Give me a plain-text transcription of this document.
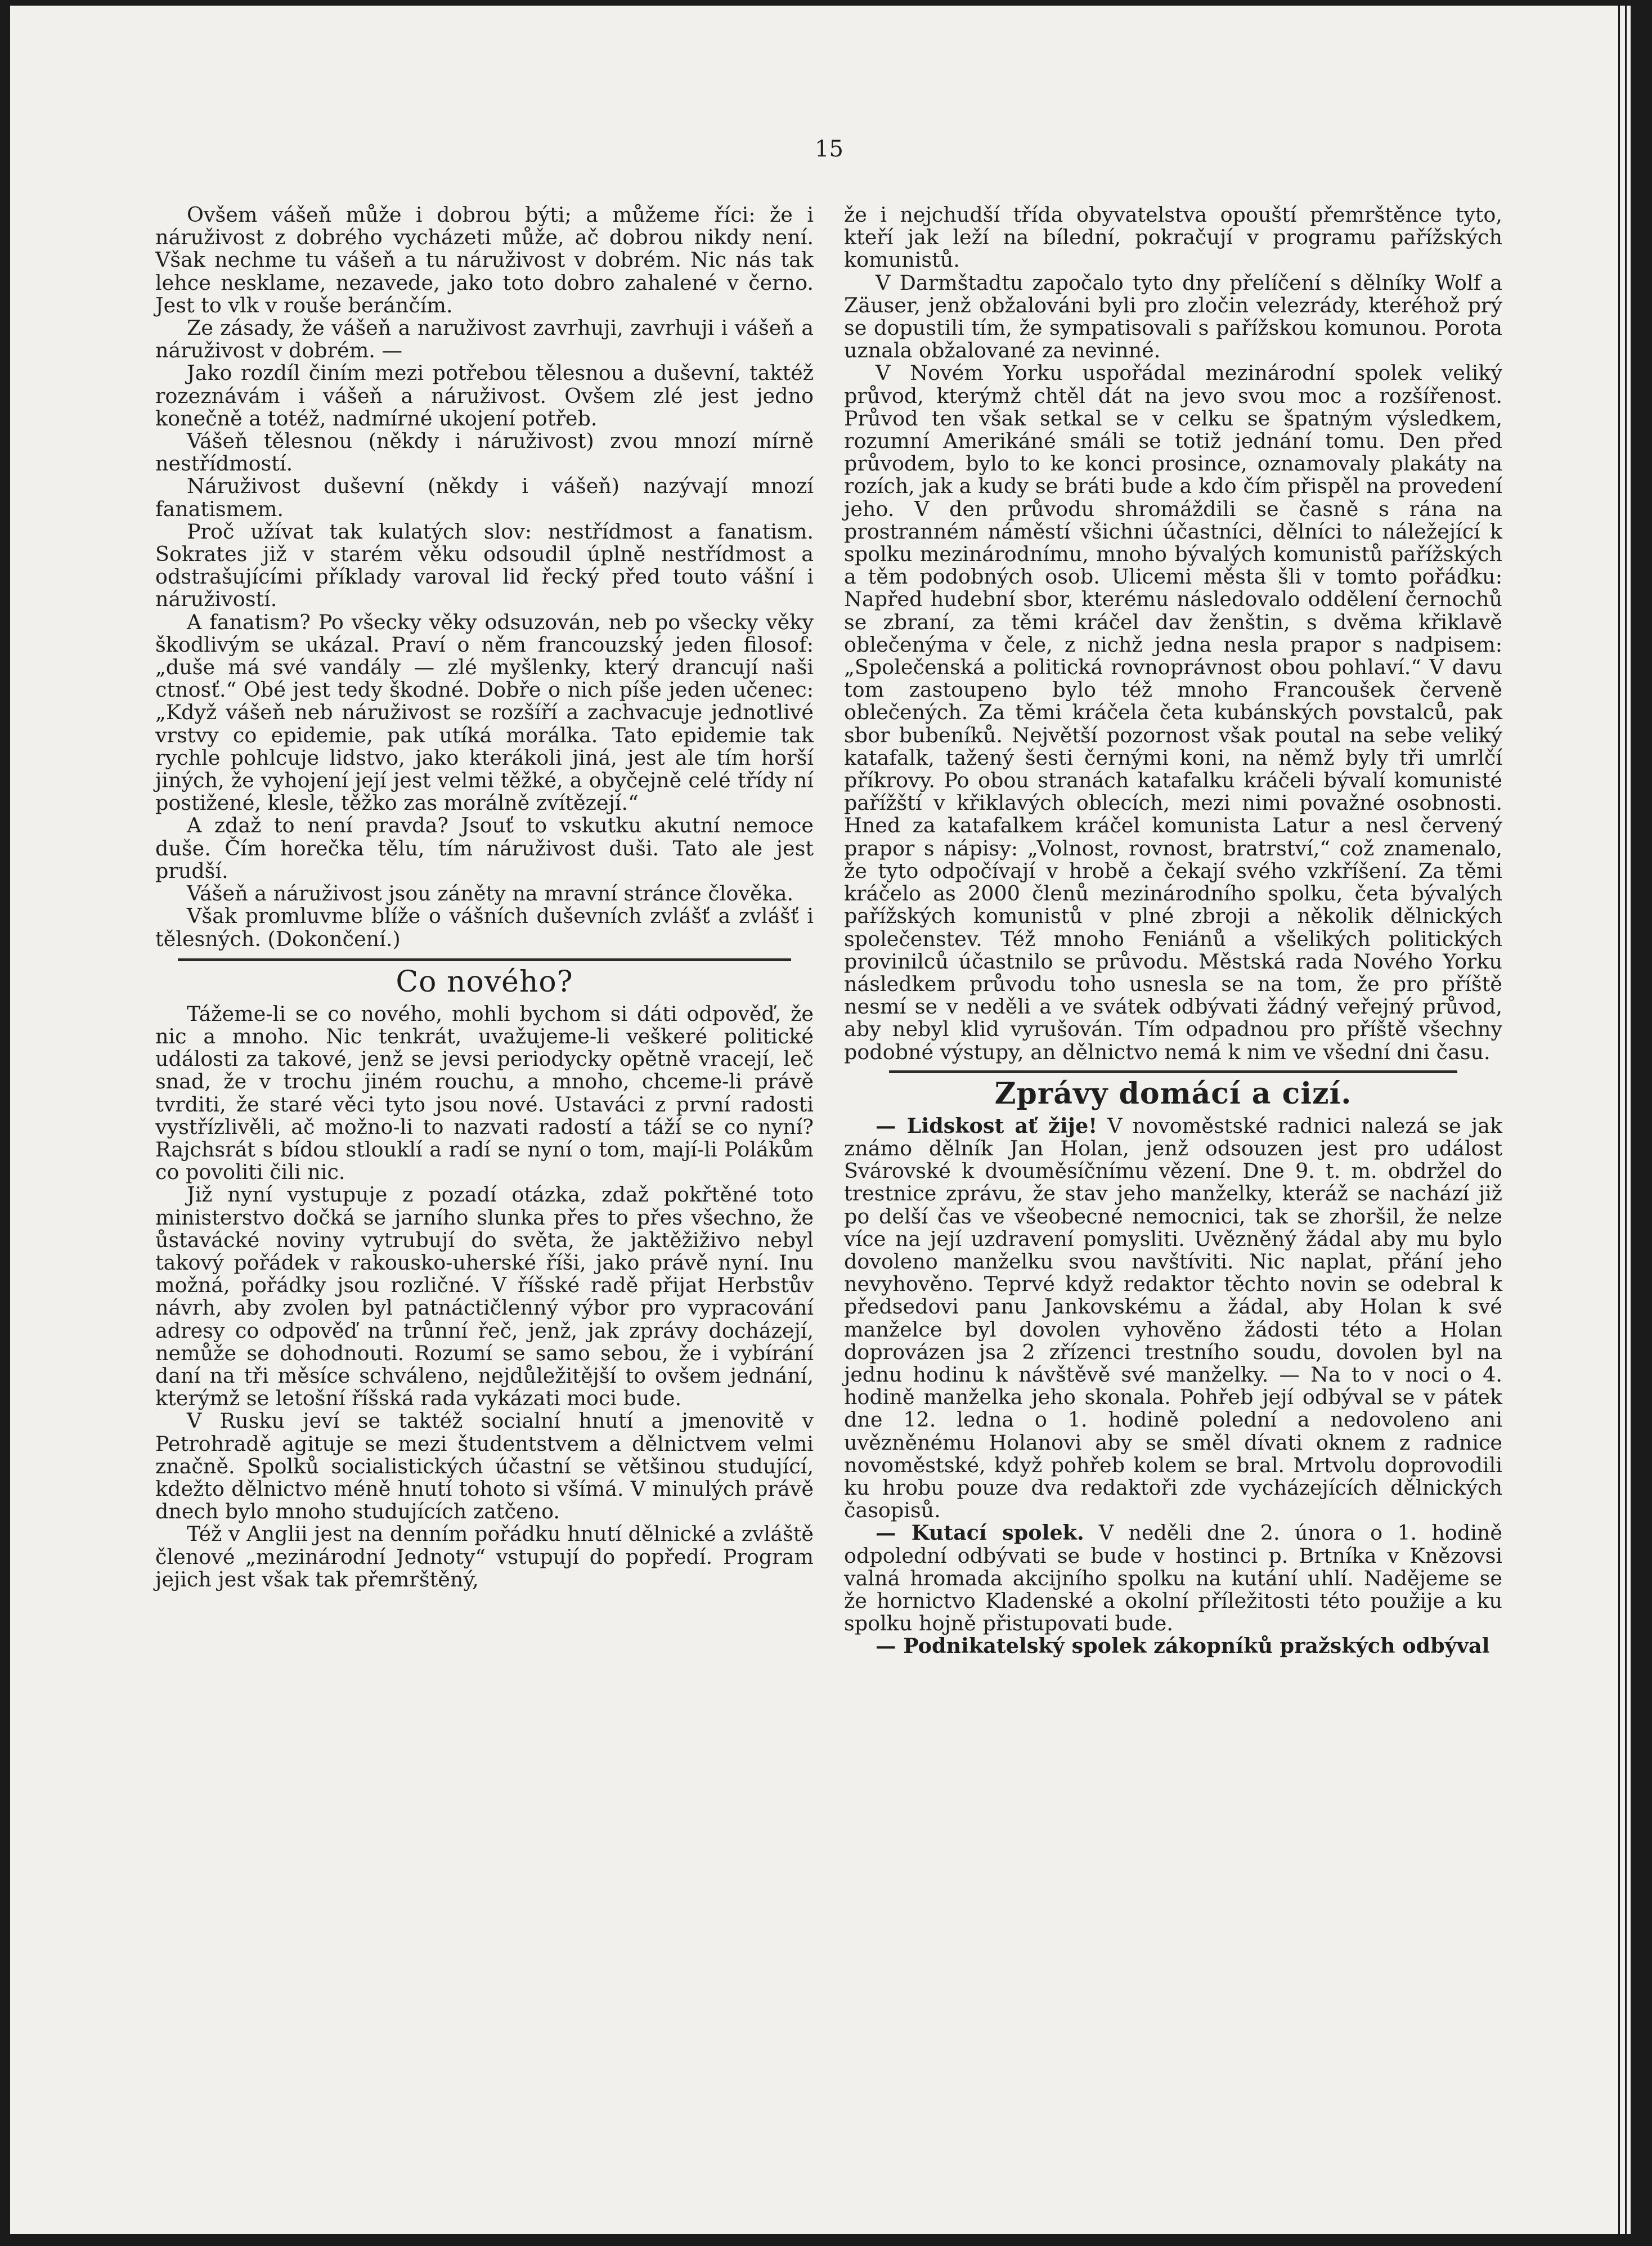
15

Ovšem vášeň může i dobrou býti; a můžeme říci: že i náruživost z dobrého vycházeti může, ač dobrou nikdy není. Však nechme tu vášeň a tu náruživost v dobrém. Nic nás tak lehce nesklame, nezavede, jako toto dobro zahalené v černo. Jest to vlk v rouše beránčím.

Ze zásady, že vášeň a naruživost zavrhuji, zavrhuji i vášeň a náruživost v dobrém. —

Jako rozdíl činím mezi potřebou tělesnou a duševní, taktéž rozeznávám i vášeň a náruživost. Ovšem zlé jest jedno konečně a totéž, nadmírné ukojení potřeb.

Vášeň tělesnou (někdy i náruživost) zvou mnozí mírně nestřídmostí.

Náruživost duševní (někdy i vášeň) nazývají mnozí fanatismem.

Proč užívat tak kulatých slov: nestřídmost a fanatism. Sokrates již v starém věku odsoudil úplně nestřídmost a odstrašujícími příklady varoval lid řecký před touto vášní i náruživostí.

A fanatism? Po všecky věky odsuzován, neb po všecky věky škodlivým se ukázal. Praví o něm francouzský jeden filosof: „duše má své vandály — zlé myšlenky, který drancují naši ctnosť.“ Obé jest tedy škodné. Dobře o nich píše jeden učenec: „Když vášeň neb náruživost se rozšíří a zachvacuje jednotlivé vrstvy co epidemie, pak utíká morálka. Tato epidemie tak rychle pohlcuje lidstvo, jako kterákoli jiná, jest ale tím horší jiných, že vyhojení její jest velmi těžké, a obyčejně celé třídy ní postižené, klesle, těžko zas morálně zvítězejí.“

A zdaž to není pravda? Jsouť to vskutku akutní nemoce duše. Čím horečka tělu, tím náruživost duši. Tato ale jest prudší.

Vášeň a náruživost jsou záněty na mravní stránce člověka.

Však promluvme blíže o vášních duševních zvlášť a zvlášť i tělesných. (Dokončení.)

Co nového?

Tážeme-li se co nového, mohli bychom si dáti odpověď, že nic a mnoho. Nic tenkrát, uvažujeme-li veškeré politické události za takové, jenž se jevsi periodycky opětně vracejí, leč snad, že v trochu jiném rouchu, a mnoho, chceme-li právě tvrditi, že staré věci tyto jsou nové. Ustaváci z první radosti vystřízlivěli, ač možno-li to nazvati radostí a táží se co nyní? Rajchsrát s bídou stlouklí a radí se nyní o tom, mají-li Polákům co povoliti čili nic.

Již nyní vystupuje z pozadí otázka, zdaž pokřtěné toto ministerstvo dočká se jarního slunka přes to přes všechno, že ůstavácké noviny vytrubují do světa, že jaktěžiživo nebyl takový pořádek v rakousko-uherské říši, jako právě nyní. Inu možná, pořádky jsou rozličné. V říšské radě přijat Herbstův návrh, aby zvolen byl patnáctičlenný výbor pro vypracování adresy co odpověď na trůnní řeč, jenž, jak zprávy docházejí, nemůže se dohodnouti. Rozumí se samo sebou, že i vybírání daní na tři měsíce schváleno, nejdůležitější to ovšem jednání, kterýmž se letošní říšská rada vykázati moci bude.

V Rusku jeví se taktéž socialní hnutí a jmenovitě v Petrohradě agituje se mezi študentstvem a dělnictvem velmi značně. Spolků socialistických účastní se většinou studující, kdežto dělnictvo méně hnutí tohoto si všímá. V minulých právě dnech bylo mnoho studujících zatčeno.

Též v Anglii jest na denním pořádku hnutí dělnické a zvláště členové „mezinárodní Jednoty“ vstupují do popředí. Program jejich jest však tak přemrštěný,

že i nejchudší třída obyvatelstva opouští přemrštěnce tyto, kteří jak leží na bílední, pokračují v programu pařížských komunistů.

V Darmštadtu započalo tyto dny přelíčení s dělníky Wolf a Zäuser, jenž obžalováni byli pro zločin velezrády, kteréhož prý se dopustili tím, že sympatisovali s pařížskou komunou. Porota uznala obžalované za nevinné.

V Novém Yorku uspořádal mezinárodní spolek veliký průvod, kterýmž chtěl dát na jevo svou moc a rozšířenost. Průvod ten však setkal se v celku se špatným výsledkem, rozumní Amerikáné smáli se totiž jednání tomu. Den před průvodem, bylo to ke konci prosince, oznamovaly plakáty na rozích, jak a kudy se bráti bude a kdo čím přispěl na provedení jeho. V den průvodu shromáždili se časně s rána na prostranném náměstí všichni účastníci, dělníci to náležející k spolku mezinárodnímu, mnoho bývalých komunistů pařížských a těm podobných osob. Ulicemi města šli v tomto pořádku: Napřed hudební sbor, kterému následovalo oddělení černochů se zbraní, za těmi kráčel dav ženštin, s dvěma křiklavě oblečenýma v čele, z nichž jedna nesla prapor s nadpisem: „Společenská a politická rovnoprávnost obou pohlaví.“ V davu tom zastoupeno bylo též mnoho Francoušek červeně oblečených. Za těmi kráčela četa kubánských povstalců, pak sbor bubeníků. Největší pozornost však poutal na sebe veliký katafalk, tažený šesti černými koni, na němž byly tři umrlčí příkrovy. Po obou stranách katafalku kráčeli bývalí komunisté pařížští v křiklavých oblecích, mezi nimi považné osobnosti. Hned za katafalkem kráčel komunista Latur a nesl červený prapor s nápisy: „Volnost, rovnost, bratrství,“ což znamenalo, že tyto odpočívají v hrobě a čekají svého vzkříšení. Za těmi kráčelo as 2000 členů mezinárodního spolku, četa bývalých pařížských komunistů v plné zbroji a několik dělnických společenstev. Též mnoho Feniánů a všelikých politických provinilců účastnilo se průvodu. Městská rada Nového Yorku následkem průvodu toho usnesla se na tom, že pro příště nesmí se v neděli a ve svátek odbývati žádný veřejný průvod, aby nebyl klid vyrušován. Tím odpadnou pro příště všechny podobné výstupy, an dělnictvo nemá k nim ve všední dni času.

Zprávy domácí a cizí.

— Lidskost ať žije! V novoměstské radnici nalezá se jak známo dělník Jan Holan, jenž odsouzen jest pro událost Svárovské k dvouměsíčnímu vězení. Dne 9. t. m. obdržel do trestnice zprávu, že stav jeho manželky, kteráž se nachází již po delší čas ve všeobecné nemocnici, tak se zhoršil, že nelze více na její uzdravení pomysliti. Uvězněný žádal aby mu bylo dovoleno manželku svou navštíviti. Nic naplat, přání jeho nevyhověno. Teprvé když redaktor těchto novin se odebral k předsedovi panu Jankovskému a žádal, aby Holan k své manželce byl dovolen vyhověno žádosti této a Holan doprovázen jsa 2 zřízenci trestního soudu, dovolen byl na jednu hodinu k návštěvě své manželky. — Na to v noci o 4. hodině manželka jeho skonala. Pohřeb její odbýval se v pátek dne 12. ledna o 1. hodině polední a nedovoleno ani uvězněnému Holanovi aby se směl dívati oknem z radnice novoměstské, když pohřeb kolem se bral. Mrtvolu doprovodili ku hrobu pouze dva redaktoři zde vycházejících dělnických časopisů.

— Kutací spolek. V neděli dne 2. února o 1. hodině odpolední odbývati se bude v hostinci p. Brtníka v Knězovsi valná hromada akcijního spolku na kutání uhlí. Nadějeme se že hornictvo Kladenské a okolní příležitosti této použije a ku spolku hojně přistupovati bude.

— Podnikatelský spolek zákopníků pražských odbýval
